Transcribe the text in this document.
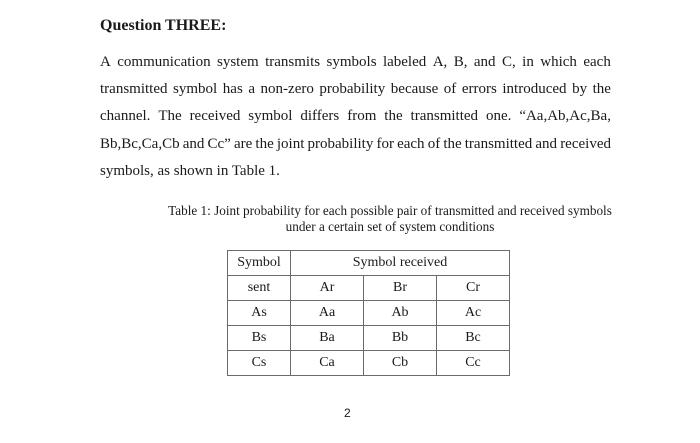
Question THREE:
A communication system transmits symbols labeled A, B, and C, in which each
transmitted symbol has a non-zero probability because of errors introduced by the
channel. The received symbol differs from the transmitted one. “Aa,Ab,Ac,Ba,
Bb,Bc,Ca,Cb and Cc” are the joint probability for each of the transmitted and received
symbols, as shown in Table 1.
Table 1: Joint probability for each possible pair of transmitted and received symbols
under a certain set of system conditions
Symbol	Symbol received		
sent	Ar	Br	Cr
As	Aa	Ab	Ac
Bs	Ba	Bb	Bc
Cs	Ca	Cb	Cc
2
